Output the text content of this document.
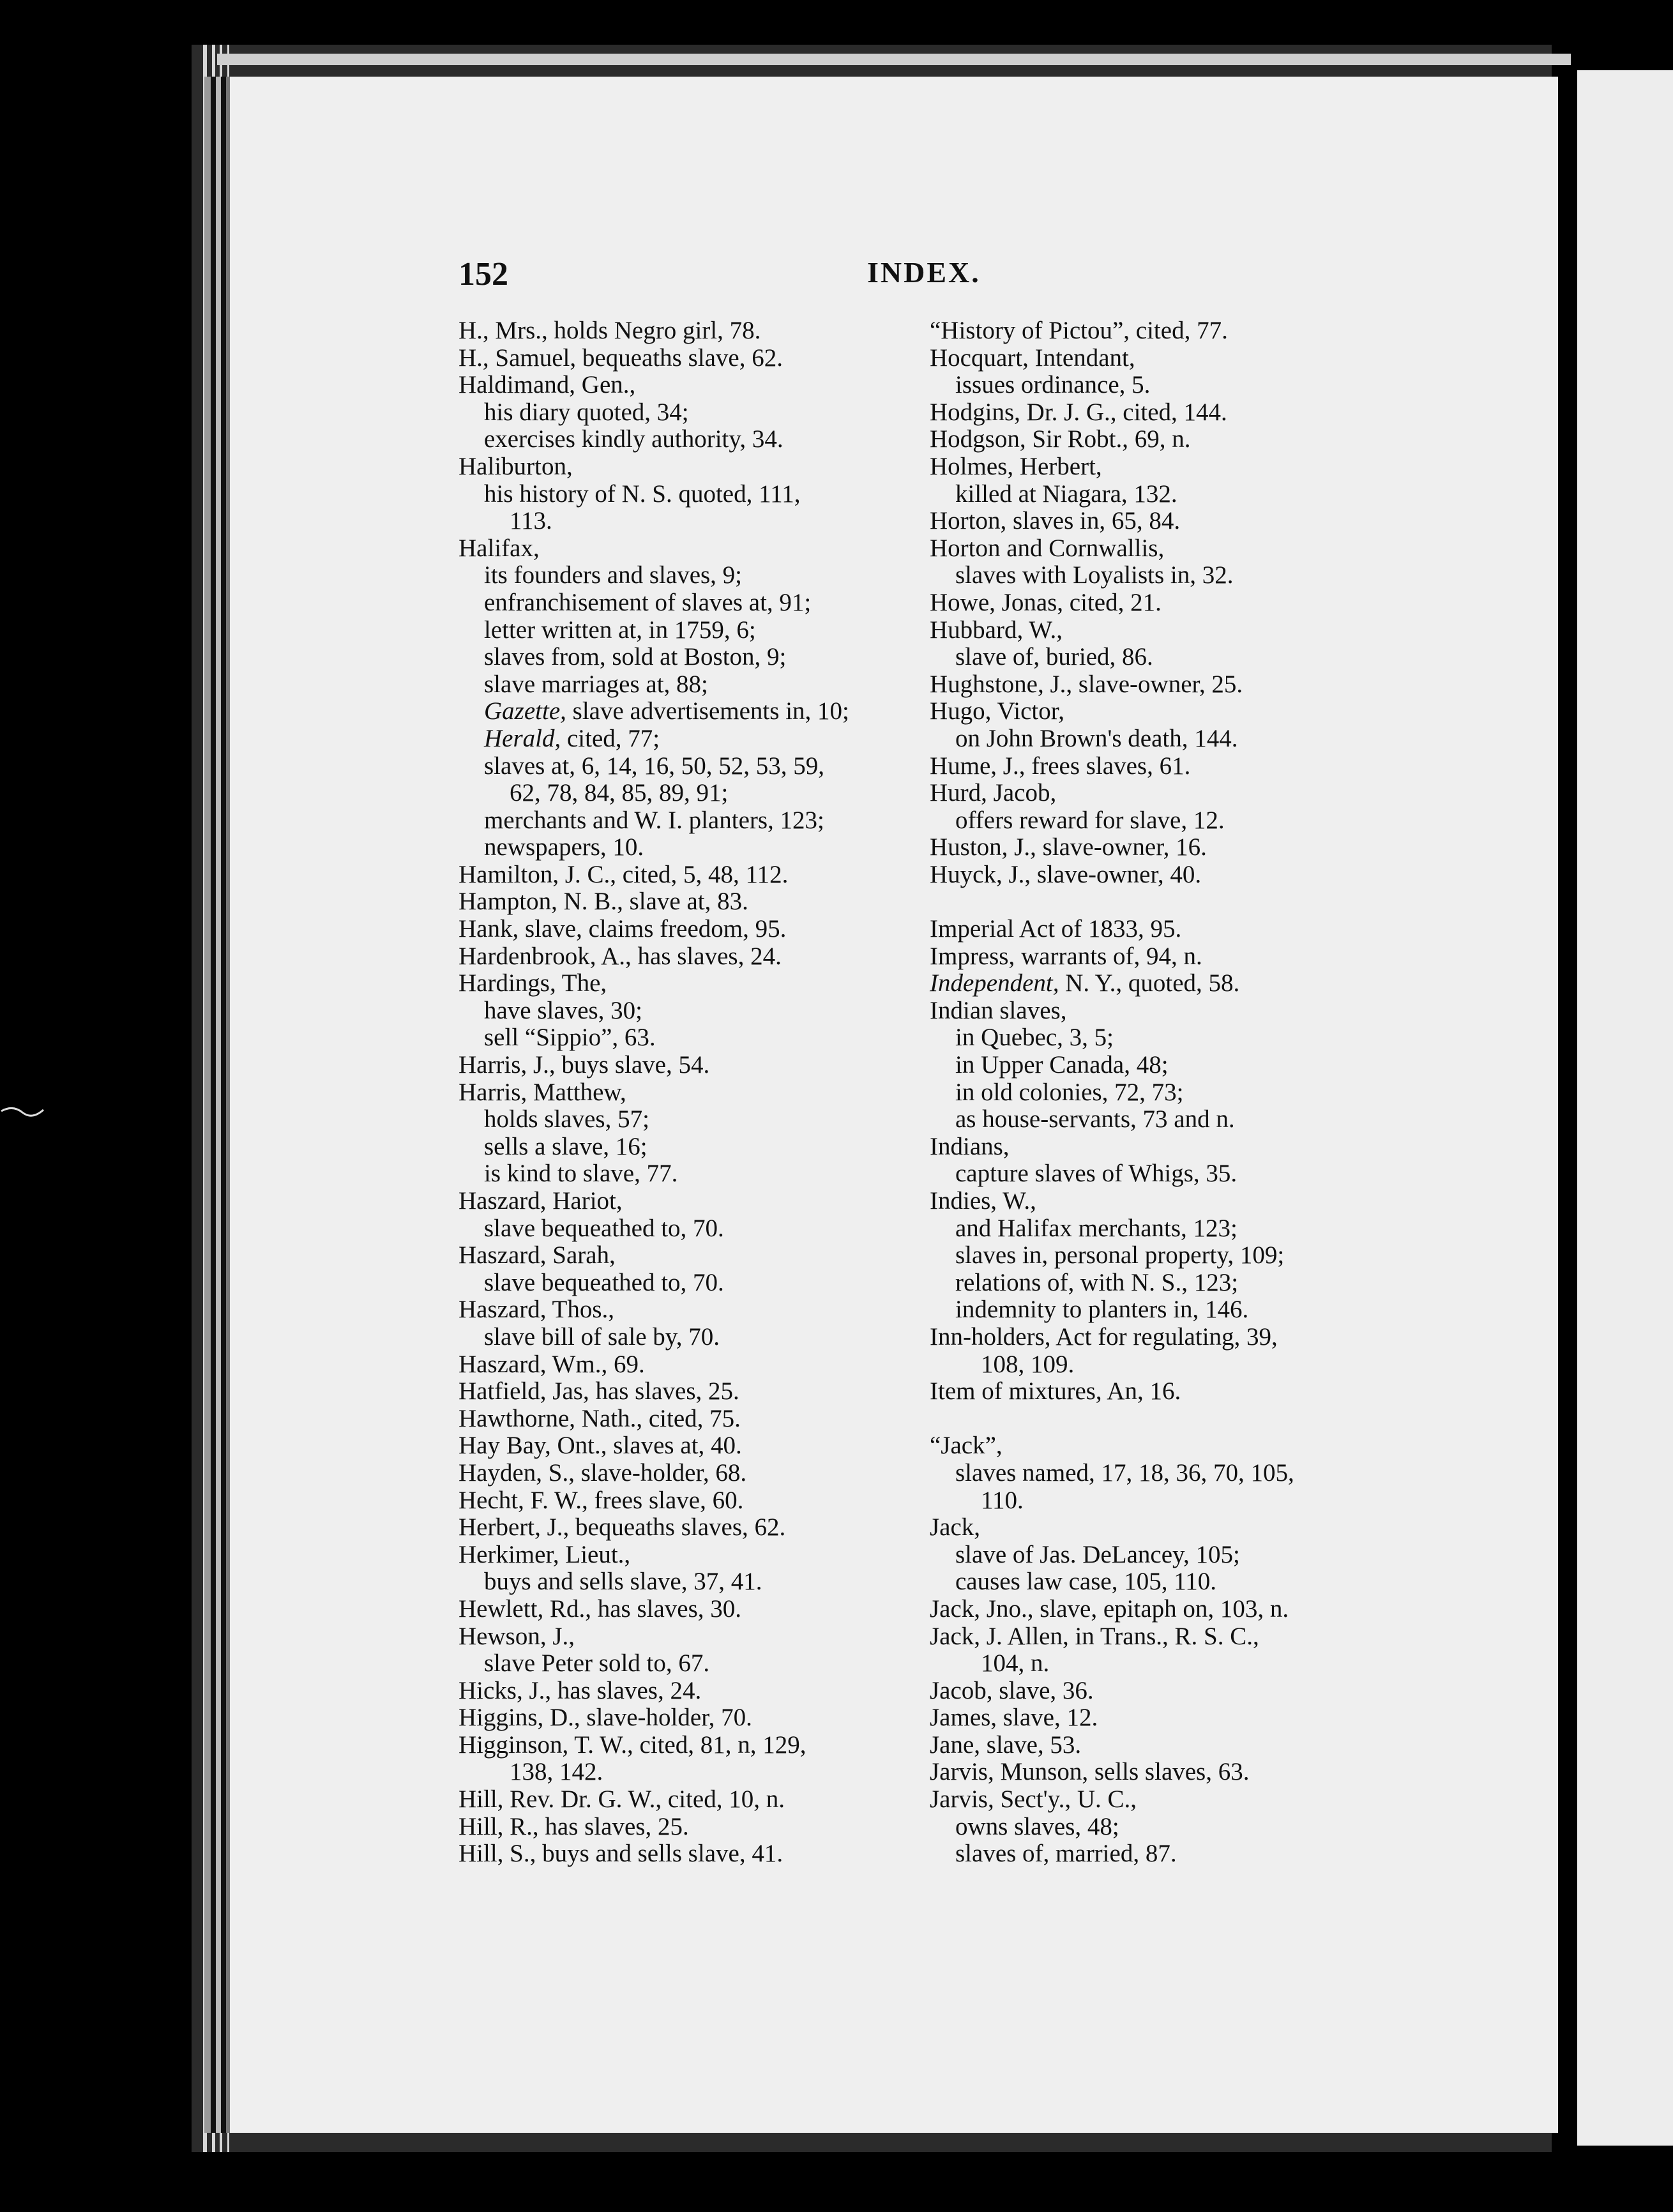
152	INDEX.
H., Mrs., holds Negro girl, 78.
H., Samuel, bequeaths slave, 62.
Haldimand, Gen.,
his diary quoted, 34;
exercises kindly authority, 34.
Haliburton,
his history of N. S. quoted, 111,
113.
Halifax,
its founders and slaves, 9;
enfranchisement of slaves at, 91;
letter written at, in 1759, 6;
slaves from, sold at Boston, 9;
slave marriages at, 88;
Gazette, slave advertisements in, 10;
Herald, cited, 77;
slaves at, 6, 14, 16, 50, 52, 53, 59,
62, 78, 84, 85, 89, 91;
merchants and W. I. planters, 123;
newspapers, 10.
Hamilton, J. C., cited, 5, 48, 112.
Hampton, N. B., slave at, 83.
Hank, slave, claims freedom, 95.
Hardenbrook, A., has slaves, 24.
Hardings, The,
have slaves, 30;
sell “Sippio”, 63.
Harris, J., buys slave, 54.
Harris, Matthew,
holds slaves, 57;
sells a slave, 16;
is kind to slave, 77.
Haszard, Hariot,
slave bequeathed to, 70.
Haszard, Sarah,
slave bequeathed to, 70.
Haszard, Thos.,
slave bill of sale by, 70.
Haszard, Wm., 69.
Hatfield, Jas, has slaves, 25.
Hawthorne, Nath., cited, 75.
Hay Bay, Ont., slaves at, 40.
Hayden, S., slave-holder, 68.
Hecht, F. W., frees slave, 60.
Herbert, J., bequeaths slaves, 62.
Herkimer, Lieut.,
buys and sells slave, 37, 41.
Hewlett, Rd., has slaves, 30.
Hewson, J.,
slave Peter sold to, 67.
Hicks, J., has slaves, 24.
Higgins, D., slave-holder, 70.
Higginson, T. W., cited, 81, n, 129,
138, 142.
Hill, Rev. Dr. G. W., cited, 10, n.
Hill, R., has slaves, 25.
Hill, S., buys and sells slave, 41.
“History of Pictou”, cited, 77.
Hocquart, Intendant,
issues ordinance, 5.
Hodgins, Dr. J. G., cited, 144.
Hodgson, Sir Robt., 69, n.
Holmes, Herbert,
killed at Niagara, 132.
Horton, slaves in, 65, 84.
Horton and Cornwallis,
slaves with Loyalists in, 32.
Howe, Jonas, cited, 21.
Hubbard, W.,
slave of, buried, 86.
Hughstone, J., slave-owner, 25.
Hugo, Victor,
on John Brown's death, 144.
Hume, J., frees slaves, 61.
Hurd, Jacob,
offers reward for slave, 12.
Huston, J., slave-owner, 16.
Huyck, J., slave-owner, 40.
Imperial Act of 1833, 95.
Impress, warrants of, 94, n.
Independent, N. Y., quoted, 58.
Indian slaves,
in Quebec, 3, 5;
in Upper Canada, 48;
in old colonies, 72, 73;
as house-servants, 73 and n.
Indians,
capture slaves of Whigs, 35.
Indies, W.,
and Halifax merchants, 123;
slaves in, personal property, 109;
relations of, with N. S., 123;
indemnity to planters in, 146.
Inn-holders, Act for regulating, 39,
108, 109.
Item of mixtures, An, 16.
“Jack”,
slaves named, 17, 18, 36, 70, 105,
110.
Jack,
slave of Jas. DeLancey, 105;
causes law case, 105, 110.
Jack, Jno., slave, epitaph on, 103, n.
Jack, J. Allen, in Trans., R. S. C.,
104, n.
Jacob, slave, 36.
James, slave, 12.
Jane, slave, 53.
Jarvis, Munson, sells slaves, 63.
Jarvis, Sect'y., U. C.,
owns slaves, 48;
slaves of, married, 87.
